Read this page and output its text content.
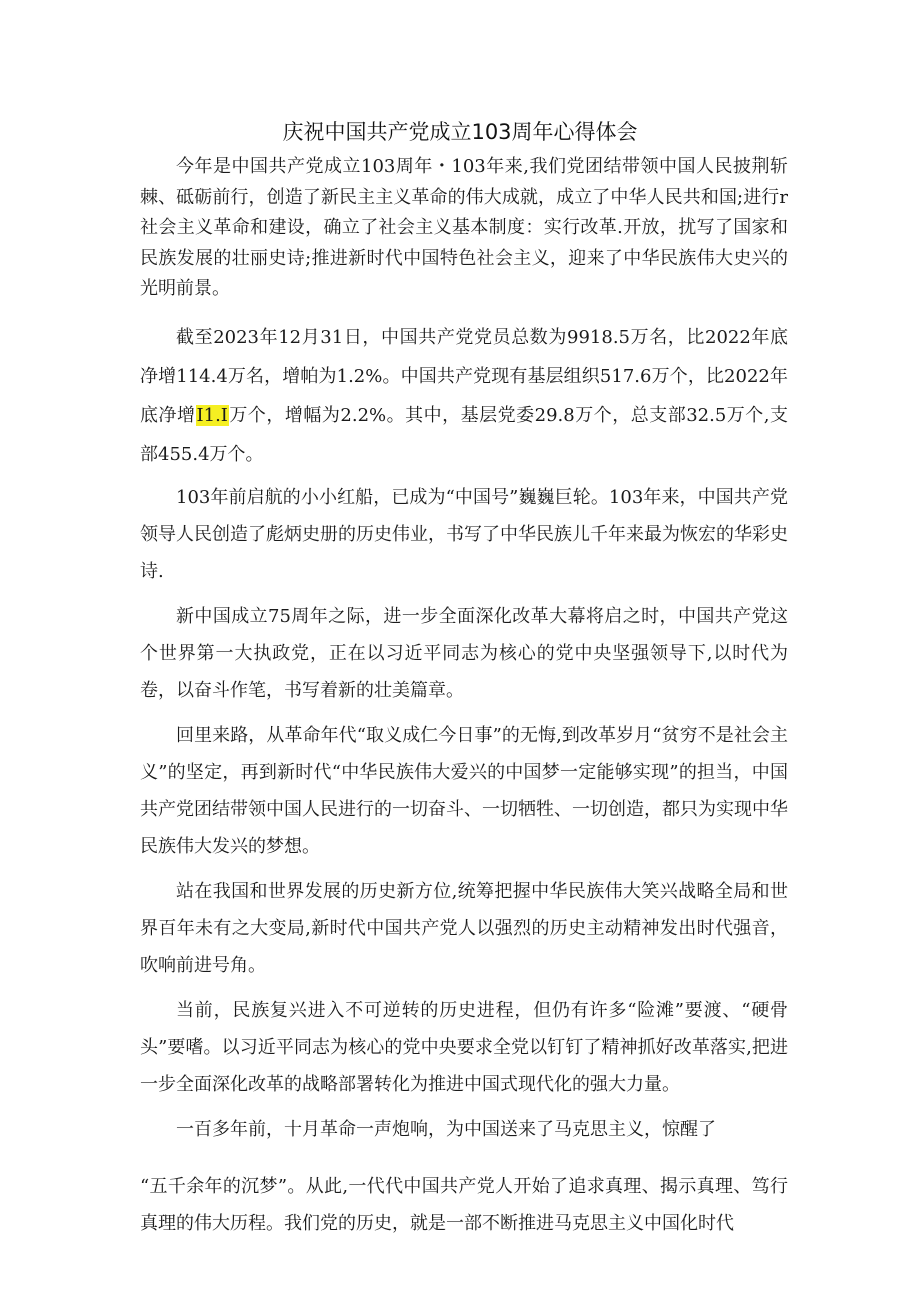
庆祝中国共产党成立103周年心得体会

今年是中国共产党成立103周年・103年来,我们党团结带领中国人民披荆斩棘、砥砺前行，创造了新民主主义革命的伟大成就，成立了中华人民共和国;进行r社会主义革命和建设，确立了社会主义基本制度：实行改革.开放，扰写了国家和民族发展的壮丽史诗;推进新时代中国特色社会主义，迎来了中华民族伟大史兴的光明前景。

截至2023年12月31日，中国共产党党员总数为9918.5万名，比2022年底净增114.4万名，增帕为1.2%。中国共产党现有基层组织517.6万个，比2022年底净增I1.I万个，增幅为2.2%。其中，基层党委29.8万个，总支部32.5万个,支部455.4万个。

103年前启航的小小红船，已成为“中国号”巍巍巨轮。103年来，中国共产党领导人民创造了彪炳史册的历史伟业，书写了中华民族儿千年来最为恢宏的华彩史诗.

新中国成立75周年之际，进一步全面深化改革大幕将启之时，中国共产党这个世界第一大执政党，正在以习近平同志为核心的党中央坚强领导下,以时代为卷，以奋斗作笔，书写着新的壮美篇章。

回里来路，从革命年代“取义成仁今日事”的无悔,到改革岁月“贫穷不是社会主义”的坚定，再到新时代“中华民族伟大爱兴的中国梦一定能够实现”的担当，中国共产党团结带领中国人民进行的一切奋斗、一切牺牲、一切创造，都只为实现中华民族伟大发兴的梦想。

站在我国和世界发展的历史新方位,统筹把握中华民族伟大笑兴战略全局和世界百年未有之大变局,新时代中国共产党人以强烈的历史主动精神发出时代强音，吹响前进号角。

当前，民族复兴进入不可逆转的历史进程，但仍有许多“险滩”要渡、“硬骨头”要嗜。以习近平同志为核心的党中央要求全党以钉钉了精神抓好改革落实,把进一步全面深化改革的战略部署转化为推进中国式现代化的强大力量。

一百多年前，十月革命一声炮响，为中国送来了马克思主义，惊醒了

“五千余年的沉梦”。从此,一代代中国共产党人开始了追求真理、揭示真理、笃行真理的伟大历程。我们党的历史，就是一部不断推进马克思主义中国化时代
